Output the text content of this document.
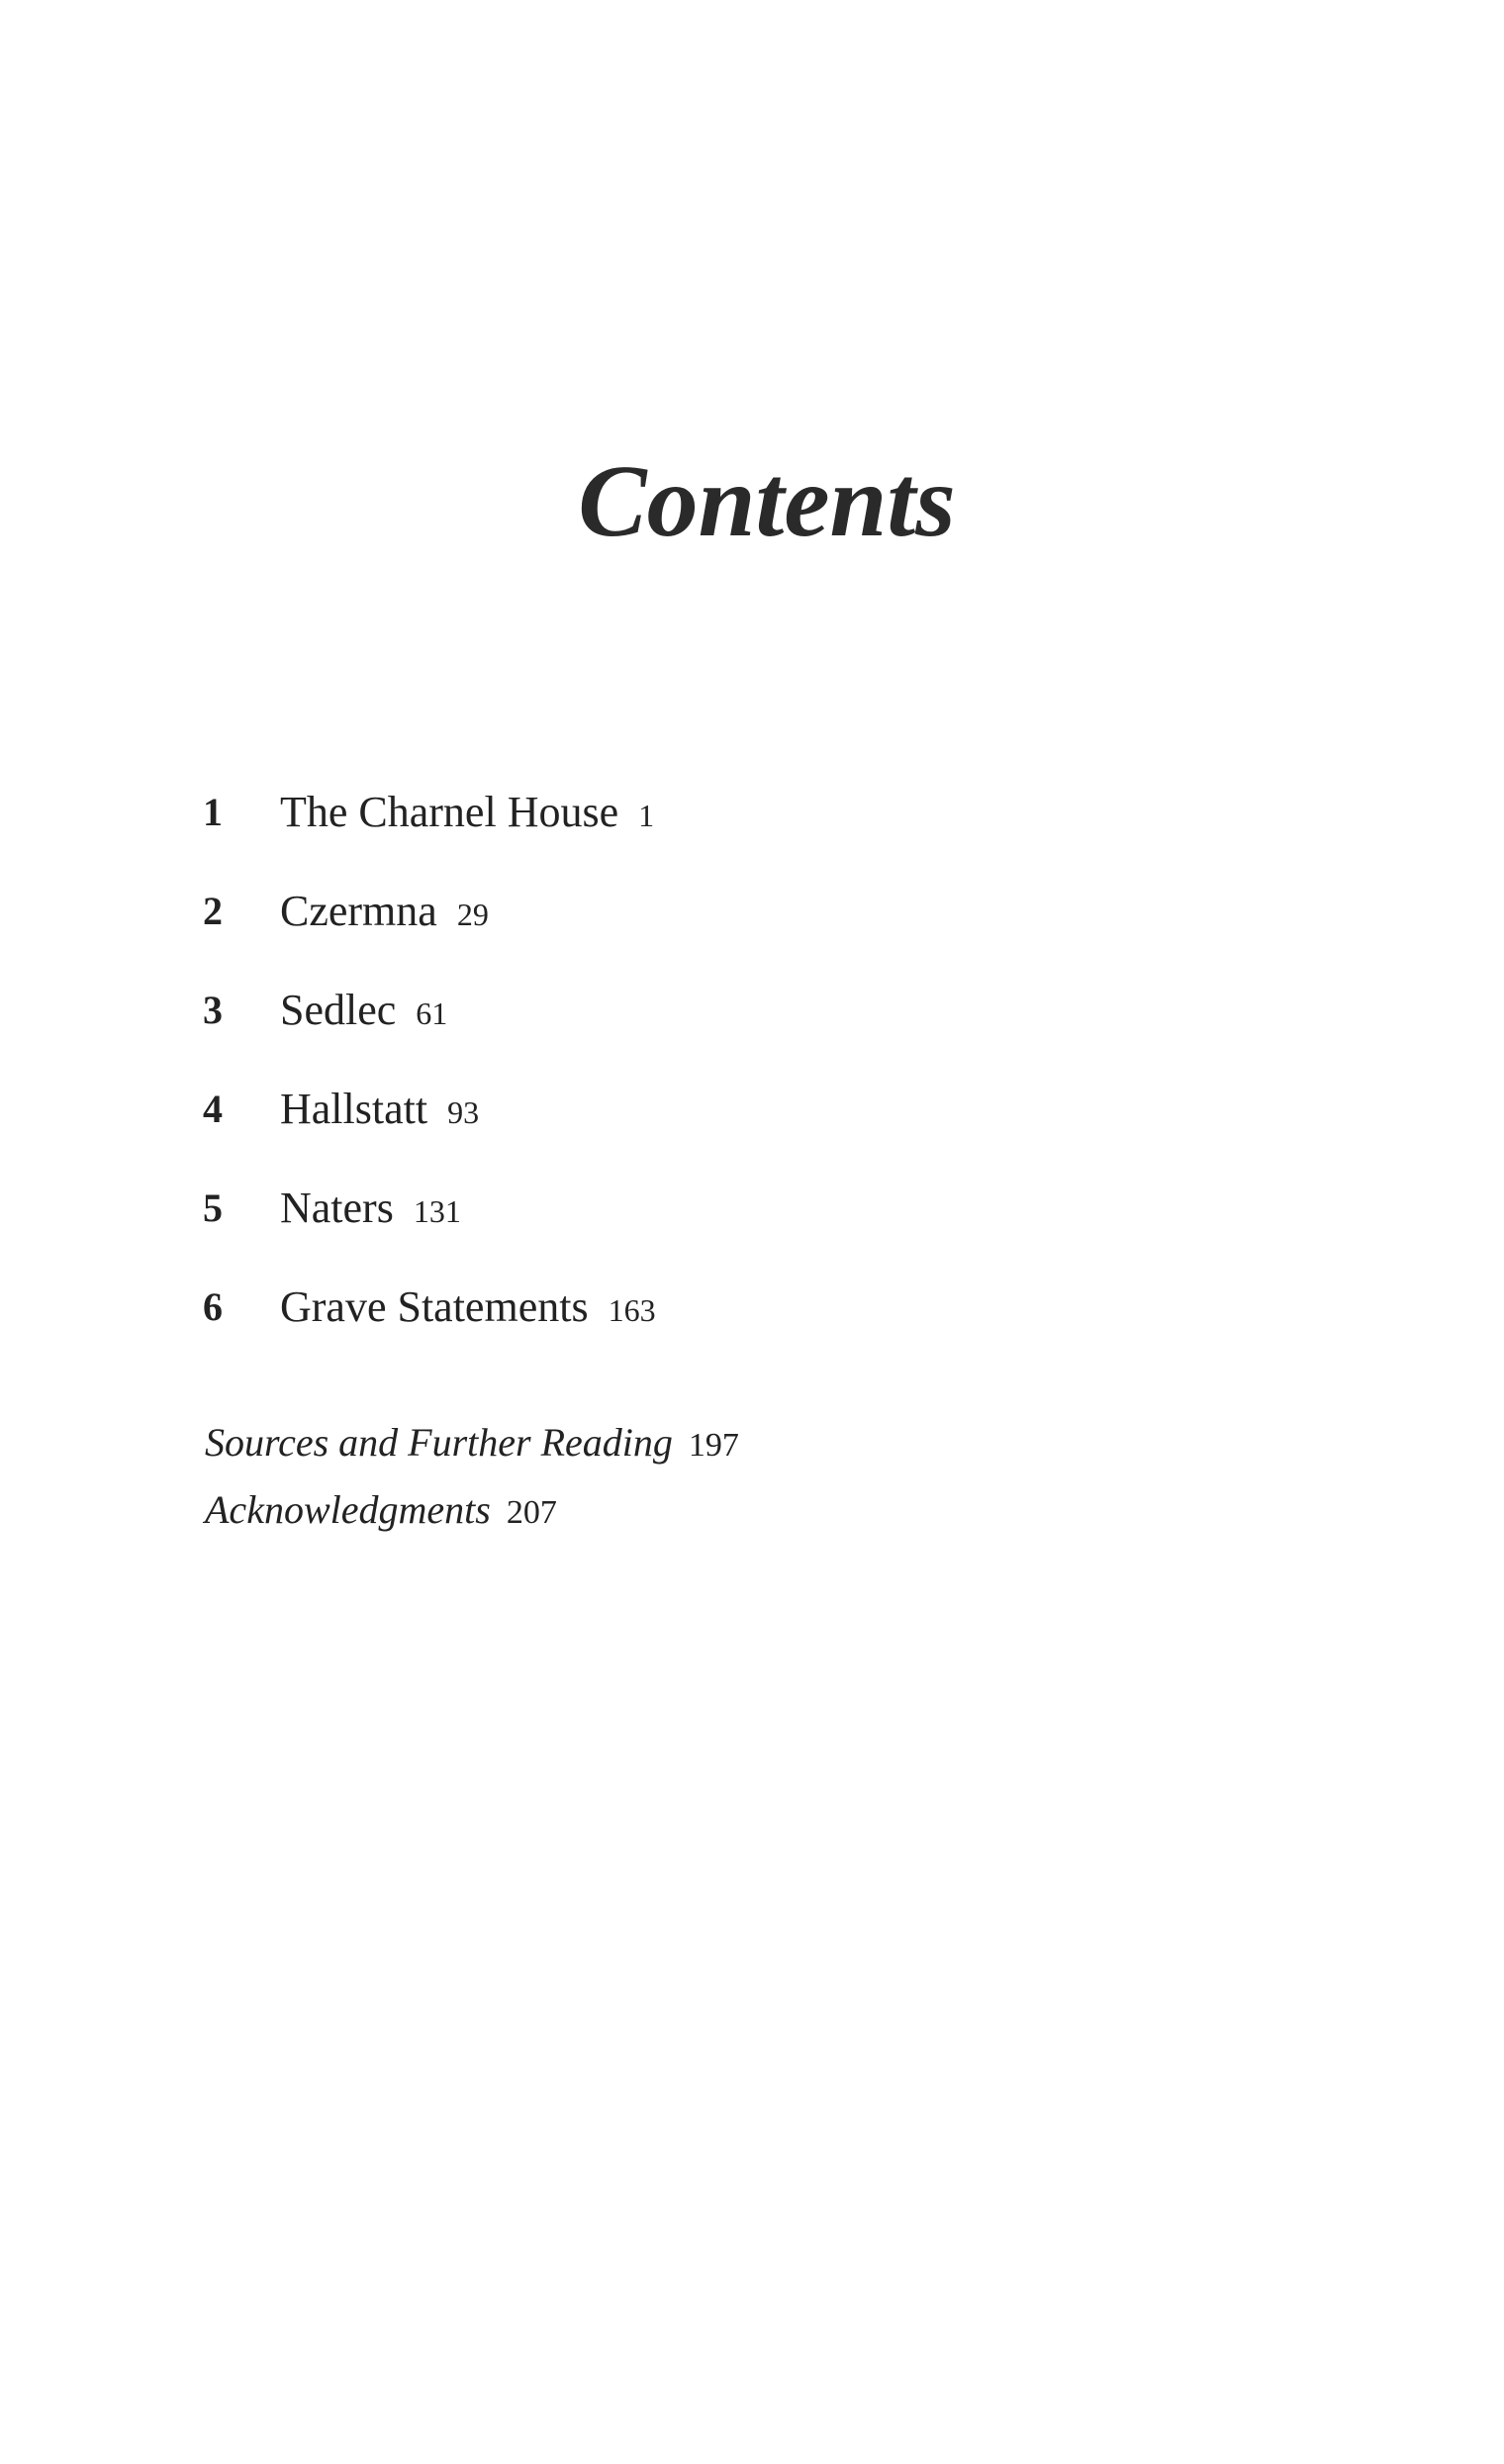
Contents
1 The Charnel House 1
2 Czermna 29
3 Sedlec 61
4 Hallstatt 93
5 Naters 131
6 Grave Statements 163
Sources and Further Reading 197
Acknowledgments 207
